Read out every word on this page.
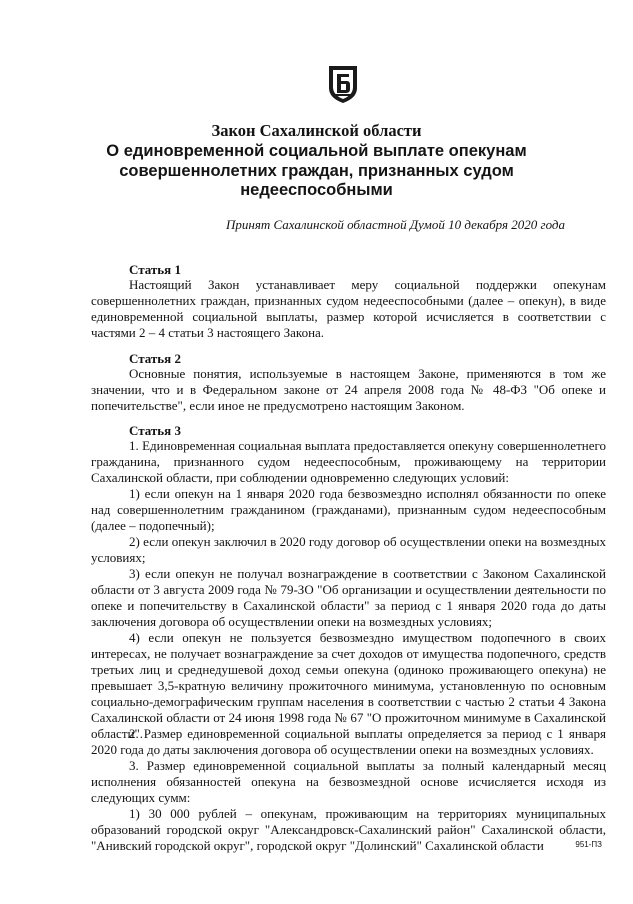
Закон Сахалинской области
О единовременной социальной выплате опекунам
совершеннолетних граждан, признанных судом
недееспособными
Принят Сахалинской областной Думой 10 декабря 2020 года
Статья 1
Настоящий Закон устанавливает меру социальной поддержки опекунам совершеннолетних граждан, признанных судом недееспособными (далее – опекун), в виде единовременной социальной выплаты, размер которой исчисляется в соответствии с частями 2 – 4 статьи 3 настоящего Закона.
Статья 2
Основные понятия, используемые в настоящем Законе, применяются в том же значении, что и в Федеральном законе от 24 апреля 2008 года № 48-ФЗ "Об опеке и попечительстве", если иное не предусмотрено настоящим Законом.
Статья 3
1. Единовременная социальная выплата предоставляется опекуну совершеннолетнего гражданина, признанного судом недееспособным, проживающему на территории Сахалинской области, при соблюдении одновременно следующих условий:
1) если опекун на 1 января 2020 года безвозмездно исполнял обязанности по опеке над совершеннолетним гражданином (гражданами), признанным судом недееспособным (далее – подопечный);
2) если опекун заключил в 2020 году договор об осуществлении опеки на возмездных условиях;
3) если опекун не получал вознаграждение в соответствии с Законом Сахалинской области от 3 августа 2009 года № 79-ЗО "Об организации и осуществлении деятельности по опеке и попечительству в Сахалинской области" за период с 1 января 2020 года до даты заключения договора об осуществлении опеки на возмездных условиях;
4) если опекун не пользуется безвозмездно имуществом подопечного в своих интересах, не получает вознаграждение за счет доходов от имущества подопечного, средств третьих лиц и среднедушевой доход семьи опекуна (одиноко проживающего опекуна) не превышает 3,5-кратную величину прожиточного минимума, установленную по основным социально-демографическим группам населения в соответствии с частью 2 статьи 4 Закона Сахалинской области от 24 июня 1998 года № 67 "О прожиточном минимуме в Сахалинской области".
2. Размер единовременной социальной выплаты определяется за период с 1 января 2020 года до даты заключения договора об осуществлении опеки на возмездных условиях.
3. Размер единовременной социальной выплаты за полный календарный месяц исполнения обязанностей опекуна на безвозмездной основе исчисляется исходя из следующих сумм:
1) 30 000 рублей – опекунам, проживающим на территориях муниципальных образований городской округ "Александровск-Сахалинский район" Сахалинской области, "Анивский городской округ", городской округ "Долинский" Сахалинской области	951-ПЗ
